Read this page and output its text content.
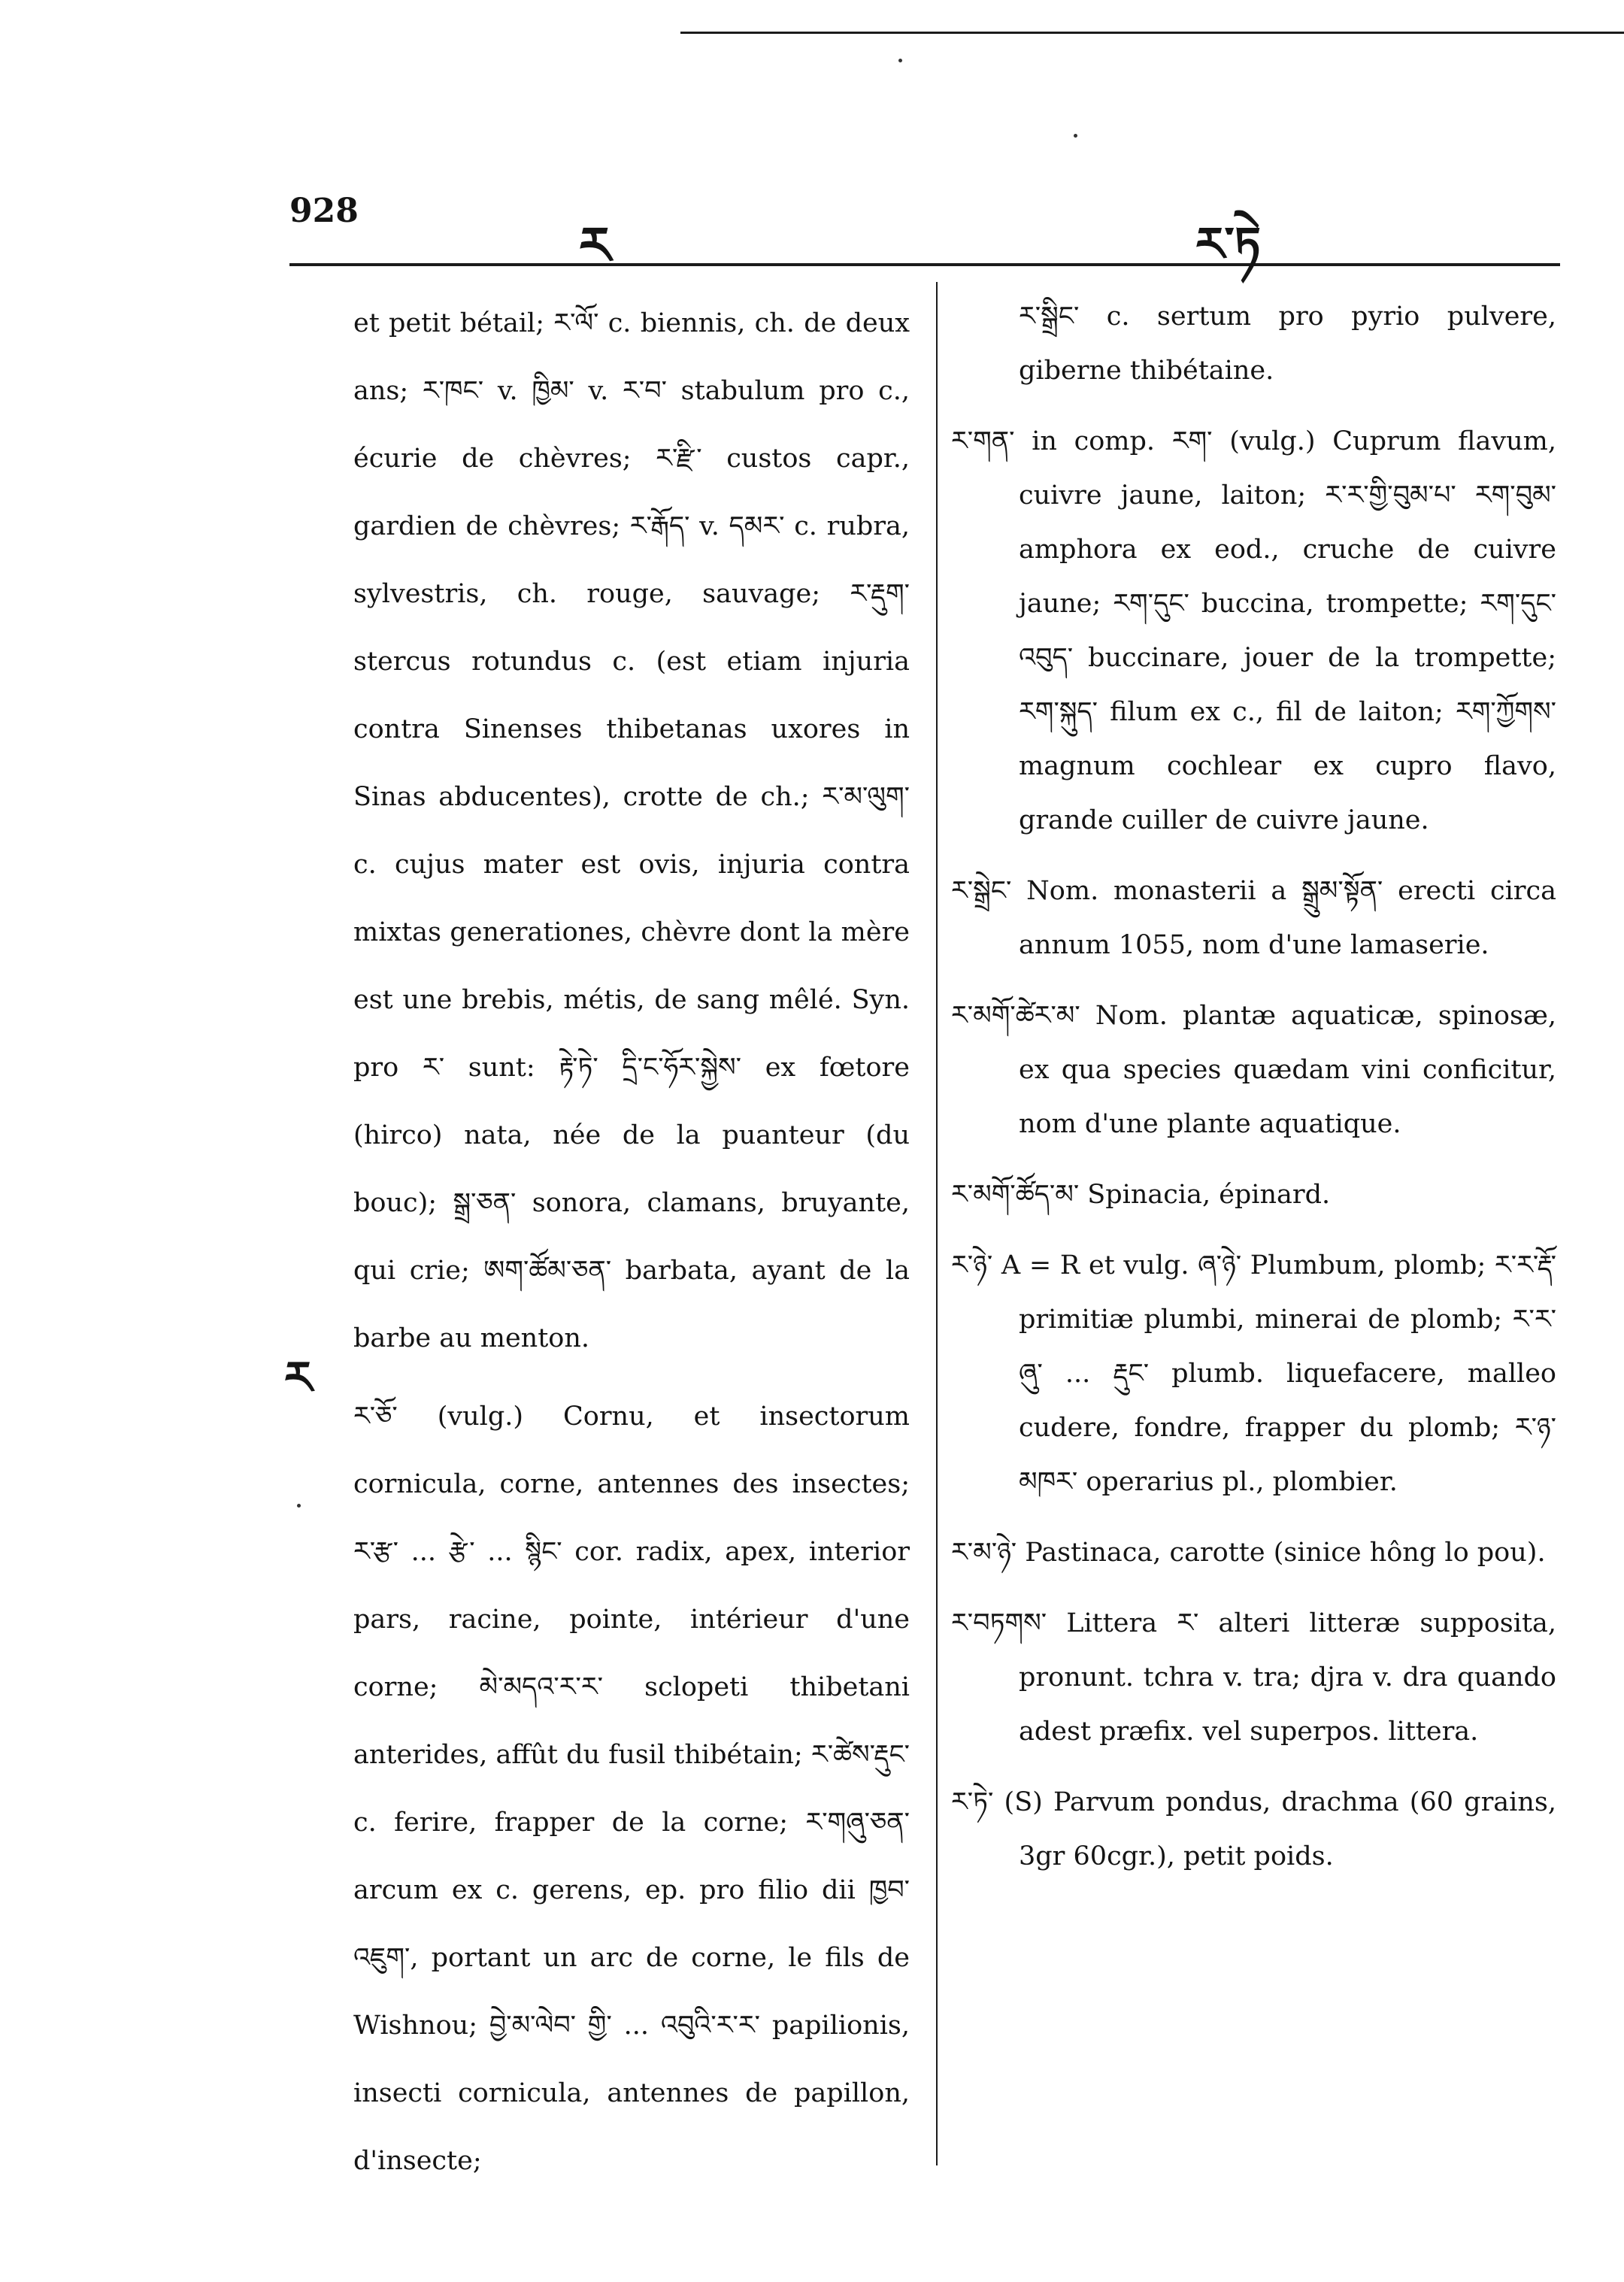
928
ར	ར་ཏེ
ར

et petit bétail; ར་ལོ་ c. biennis, ch. de deux ans; ར་ཁང་ v. ཁྱིམ་ v. ར་བ་ stabulum pro c., écurie de chèvres; ར་རྫི་ custos capr., gardien de chèvres; ར་རྒོད་ v. དམར་ c. rubra, sylvestris, ch. rouge, sauvage; ར་རྡུག་ stercus rotundus c. (est etiam injuria contra Sinenses thibetanas uxores in Sinas abducentes), crotte de ch.; ར་མ་ལུག་ c. cujus mater est ovis, injuria contra mixtas generationes, chèvre dont la mère est une brebis, métis, de sang mêlé. Syn. pro ར་ sunt: རྟེ་ཏེ་ དྲི་ང་ཧོར་སྐྱེས་ ex fœtore (hirco) nata, née de la puanteur (du bouc); སྒྲ་ཅན་ sonora, clamans, bruyante, qui crie; ཨག་ཚོམ་ཅན་ barbata, ayant de la barbe au menton.

ར་ཅོ་ (vulg.) Cornu, et insectorum cornicula, corne, antennes des insectes; ར་རྩ་ ... རྩེ་ ... སྙིང་ cor. radix, apex, interior pars, racine, pointe, intérieur d'une corne; མེ་མདའ་ར་ར་ sclopeti thibetani anterides, affût du fusil thibétain; ར་ཚེས་རྡུང་ c. ferire, frapper de la corne; ར་གཞུ་ཅན་ arcum ex c. gerens, ep. pro filio dii ཁྱབ་འཇུག་, portant un arc de corne, le fils de Wishnou; བྱེ་མ་ལེབ་ གྱི་ ... འབུའི་ར་ར་ papilionis, insecti cornicula, antennes de papillon, d'insecte;

ར་སྒྲིང་ c. sertum pro pyrio pulvere, giberne thibétaine.

ར་གན་ in comp. རག་ (vulg.) Cuprum flavum, cuivre jaune, laiton; ར་ར་གྱི་བུམ་པ་ རག་བུམ་ amphora ex eod., cruche de cuivre jaune; རག་དུང་ buccina, trompette; རག་དུང་འབུད་ buccinare, jouer de la trompette; རག་སྐུད་ filum ex c., fil de laiton; རག་ཀྱོགས་ magnum cochlear ex cupro flavo, grande cuiller de cuivre jaune.

ར་སྒྲེང་ Nom. monasterii a སྒྲུམ་སྟོན་ erecti circa annum 1055, nom d'une lamaserie.

ར་མགོ་ཚེར་མ་ Nom. plantæ aquaticæ, spinosæ, ex qua species quædam vini conficitur, nom d'une plante aquatique.

ར་མགོ་ཚོད་མ་ Spinacia, épinard.

ར་ཉེ་ A = R et vulg. ཞ་ཉེ་ Plumbum, plomb; ར་ར་རྡོ་ primitiæ plumbi, minerai de plomb; ར་ར་ཞུ་ ... རྡུང་ plumb. liquefacere, malleo cudere, fondre, frapper du plomb; ར་ཉ་མཁར་ operarius pl., plombier.

ར་མ་ཉེ་ Pastinaca, carotte (sinice hông lo pou).

ར་བཏགས་ Littera ར་ alteri litteræ supposita, pronunt. tchra v. tra; djra v. dra quando adest præfix. vel superpos. littera.

ར་ཏེ་ (S) Parvum pondus, drachma (60 grains, 3gr 60cgr.), petit poids.
